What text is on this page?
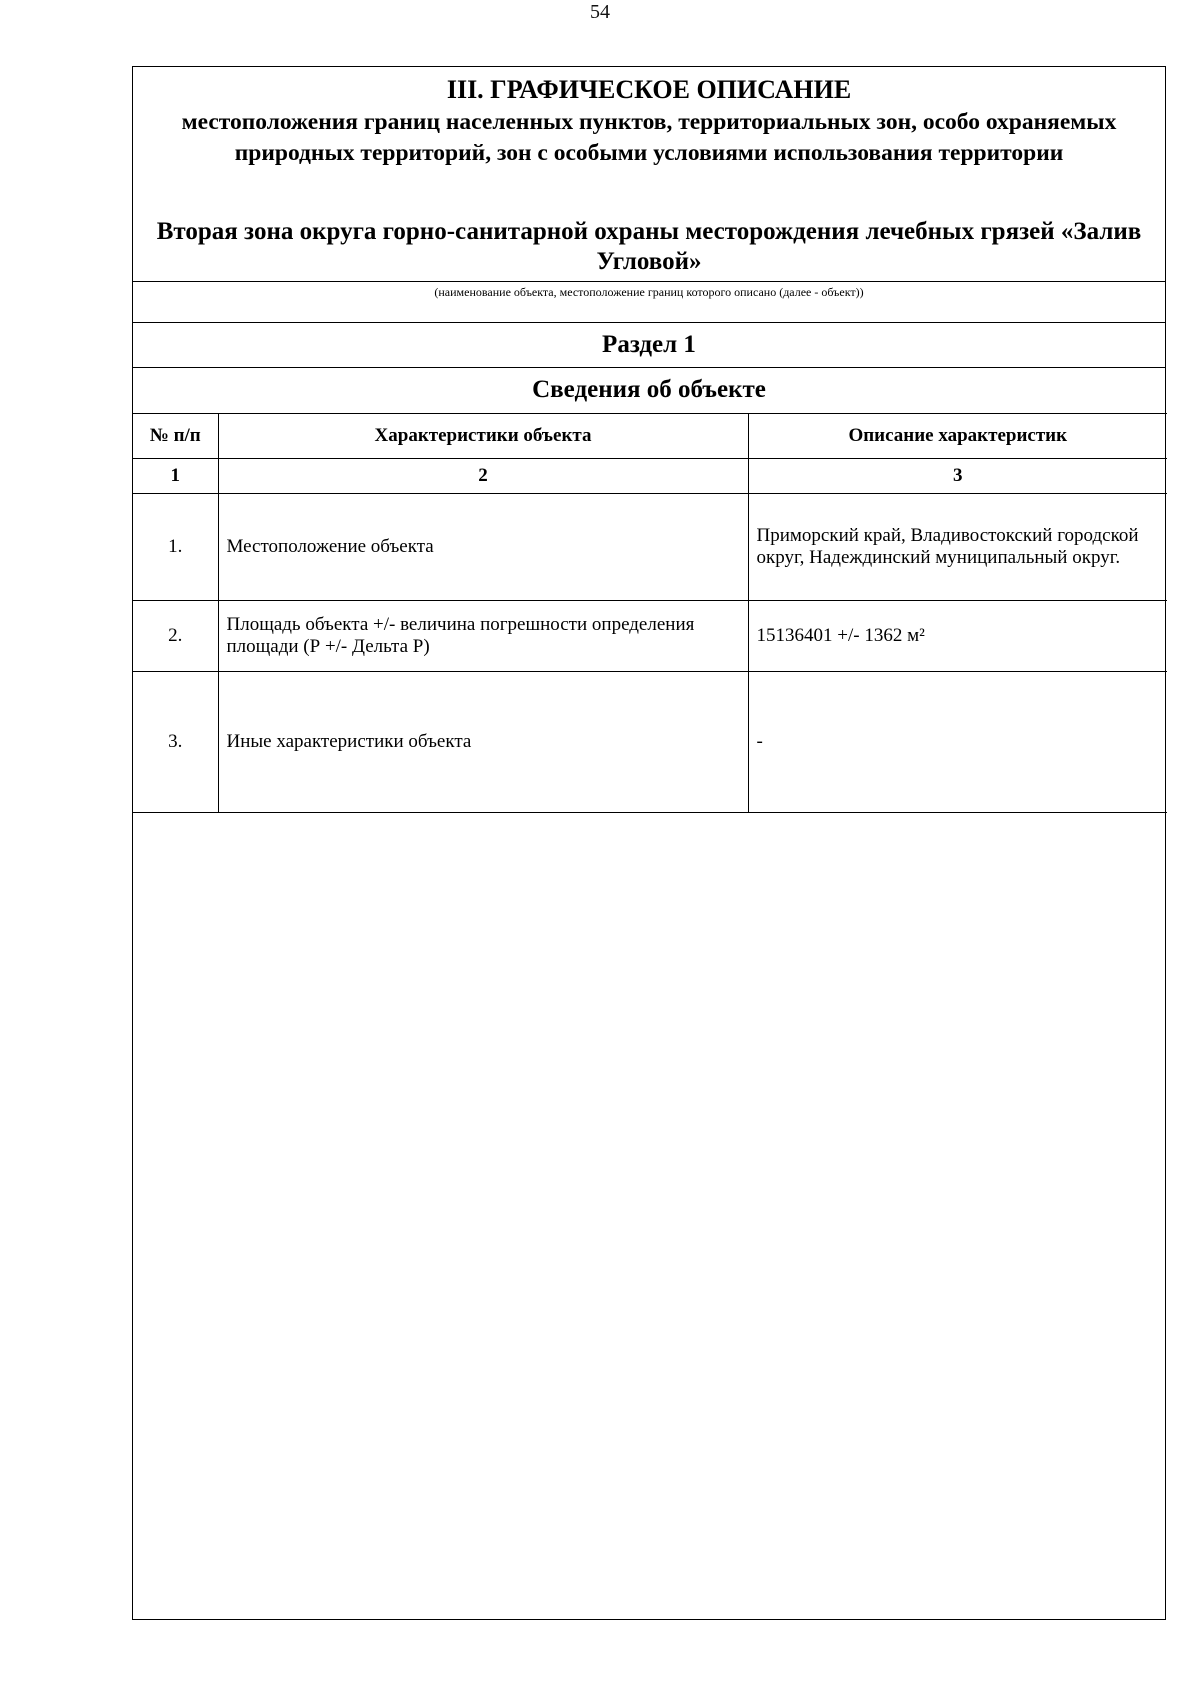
54
III. ГРАФИЧЕСКОЕ ОПИСАНИЕ
местоположения границ населенных пунктов, территориальных зон, особо охраняемых природных территорий, зон с особыми условиями использования территории
Вторая зона округа горно-санитарной охраны месторождения лечебных грязей «Залив Угловой»
(наименование объекта, местоположение границ которого описано (далее - объект))
Раздел 1
Сведения об объекте
№ п/п	Характеристики объекта	Описание характеристик
1	2	3
1.	Местоположение объекта	Приморский край, Владивостокский городской округ, Надеждинский муниципальный округ.
2.	Площадь объекта +/- величина погрешности определения площади (Р +/- Дельта Р)	15136401 +/- 1362 м²
3.	Иные характеристики объекта	-
